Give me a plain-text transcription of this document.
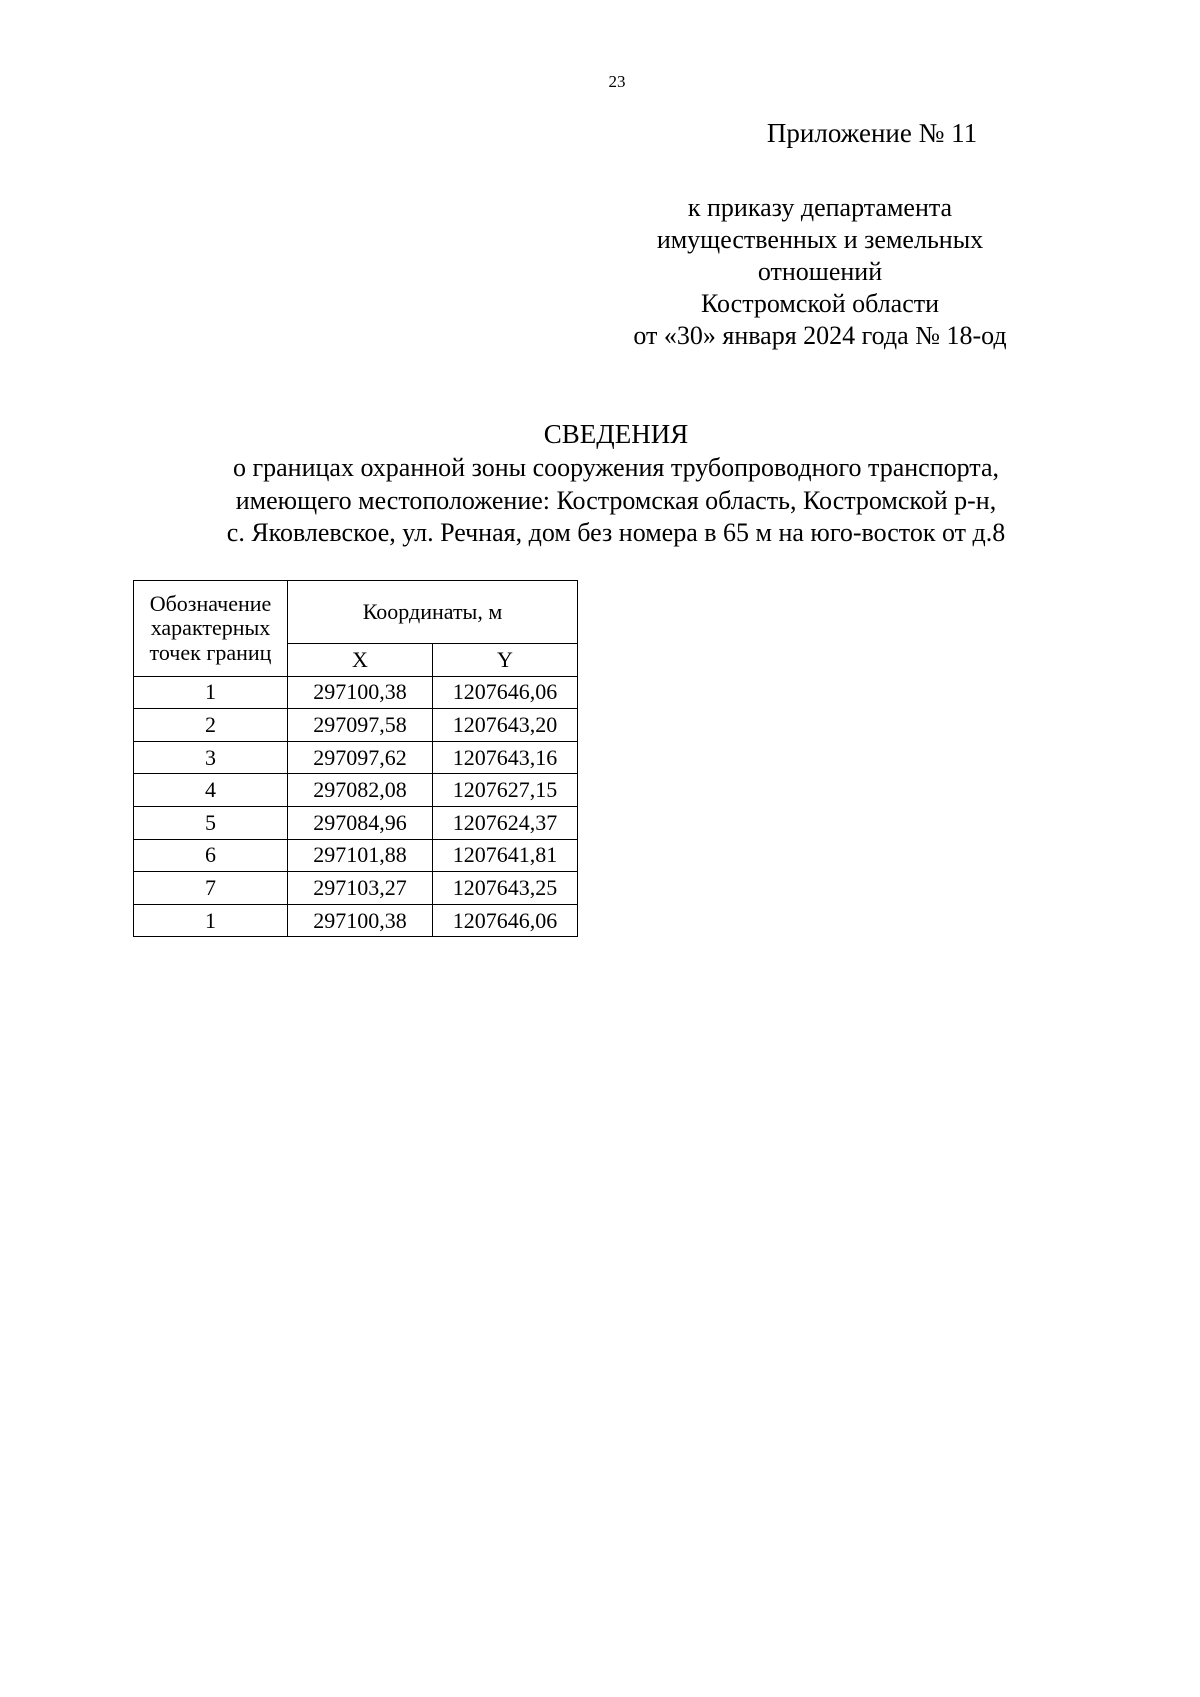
23
Приложение № 11
к приказу департамента
имущественных и земельных
отношений
Костромской области
от «30» января 2024 года № 18-од
СВЕДЕНИЯ
о границах охранной зоны сооружения трубопроводного транспорта,
имеющего местоположение: Костромская область, Костромской р-н,
с. Яковлевское, ул. Речная, дом без номера в 65 м на юго-восток от д.8
Обозначение
характерных
точек границ	Координаты, м	
	X	Y
1	297100,38	1207646,06
2	297097,58	1207643,20
3	297097,62	1207643,16
4	297082,08	1207627,15
5	297084,96	1207624,37
6	297101,88	1207641,81
7	297103,27	1207643,25
1	297100,38	1207646,06
